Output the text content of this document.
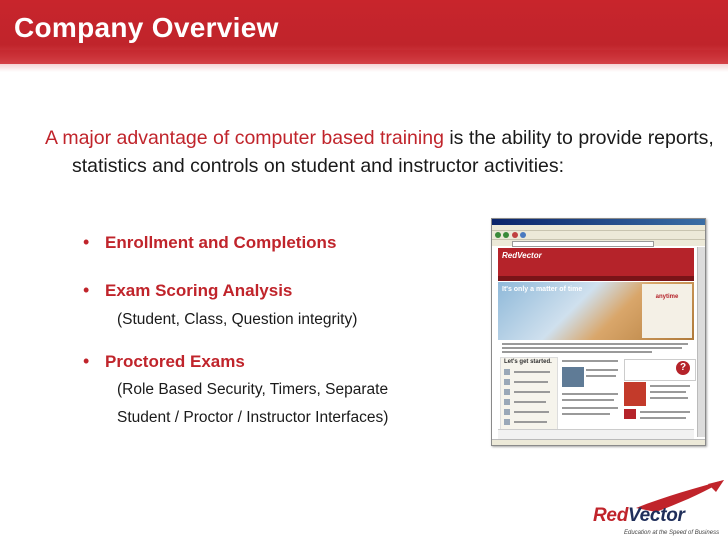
Company Overview

A major advantage of computer based training is the ability to provide reports, statistics and controls on student and instructor activities:

• Enrollment and Completions
• Exam Scoring Analysis
• Proctored Exams
(Student, Class, Question integrity)
(Role Based Security, Timers, Separate
Student / Proctor / Instructor Interfaces)
RedVector
It's only a matter of time
anytime
Let's get started.	?
RedVector
Education at the Speed of Business
